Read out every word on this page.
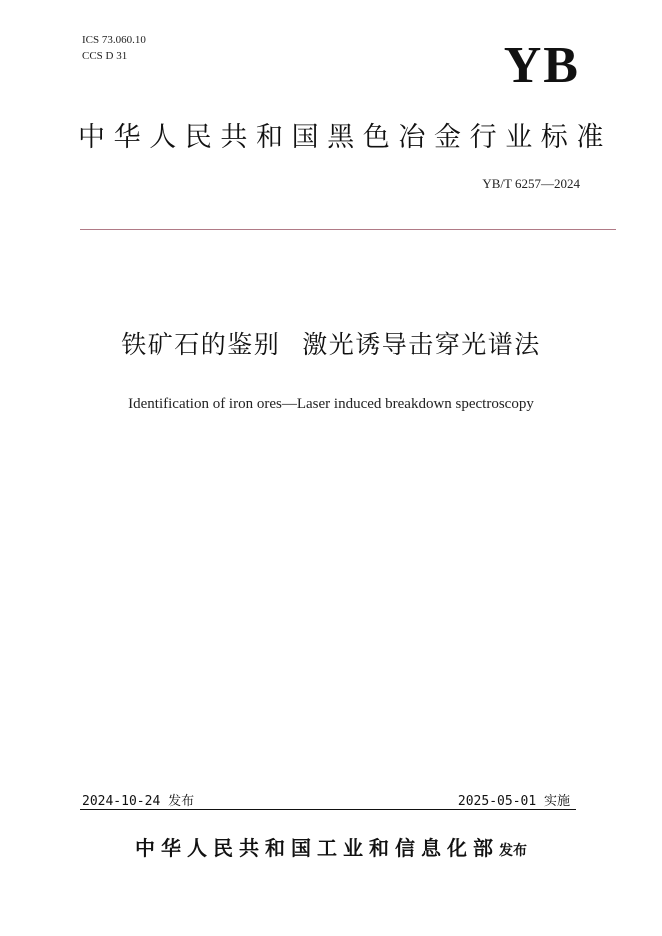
ICS 73.060.10
CCS D 31	YB
中华人民共和国黑色冶金行业标准
YB/T 6257—2024
铁矿石的鉴别 激光诱导击穿光谱法
Identification of iron ores—Laser induced breakdown spectroscopy
2024-10-24 发布	2025-05-01 实施
中华人民共和国工业和信息化部发布
